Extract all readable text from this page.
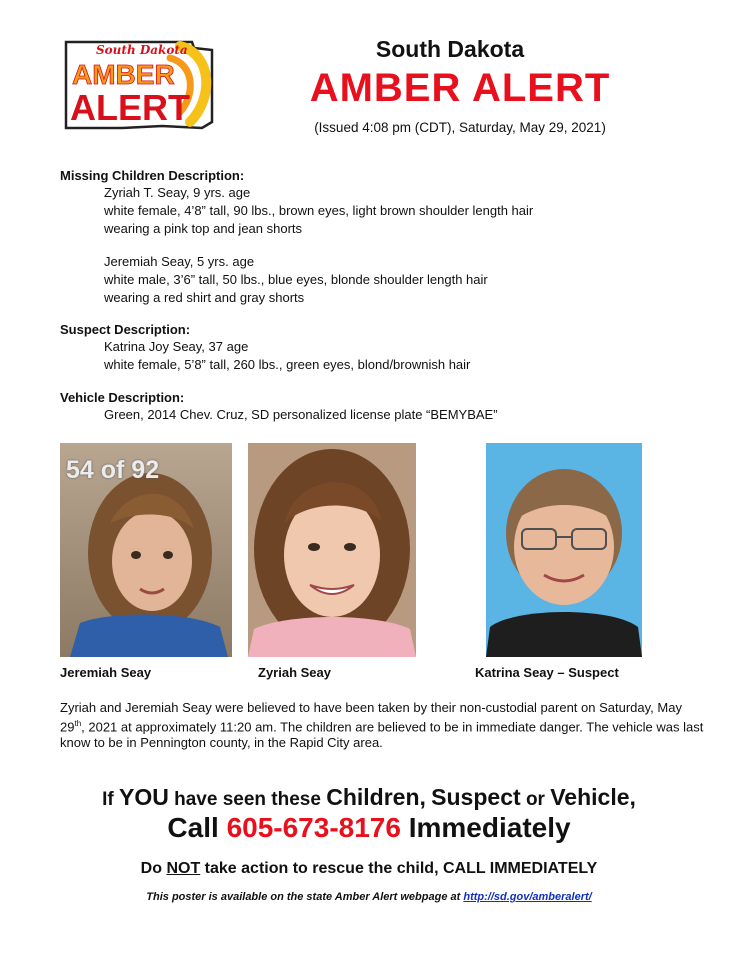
South Dakota
AMBER
ALERT
South Dakota
AMBER ALERT
(Issued 4:08 pm (CDT), Saturday, May 29, 2021)
Missing Children Description:
Zyriah T. Seay, 9 yrs. age
white female, 4’8” tall, 90 lbs., brown eyes, light brown shoulder length hair
wearing a pink top and jean shorts
Jeremiah Seay, 5 yrs. age
white male, 3’6” tall, 50 lbs., blue eyes, blonde shoulder length hair
wearing a red shirt and gray shorts
Suspect Description:
Katrina Joy Seay, 37 age
white female, 5’8” tall, 260 lbs., green eyes, blond/brownish hair
Vehicle Description:
Green, 2014 Chev. Cruz, SD personalized license plate “BEMYBAE”
54 of 92
Jeremiah Seay	Zyriah Seay	Katrina Seay – Suspect
Zyriah and Jeremiah Seay were believed to have been taken by their non-custodial parent on Saturday, May 29th, 2021 at approximately 11:20 am. The children are believed to be in immediate danger. The vehicle was last know to be in Pennington county, in the Rapid City area.
If YOU have seen these Children, Suspect or Vehicle,
Call 605-673-8176 Immediately
Do NOT take action to rescue the child, CALL IMMEDIATELY
This poster is available on the state Amber Alert webpage at http://sd.gov/amberalert/
